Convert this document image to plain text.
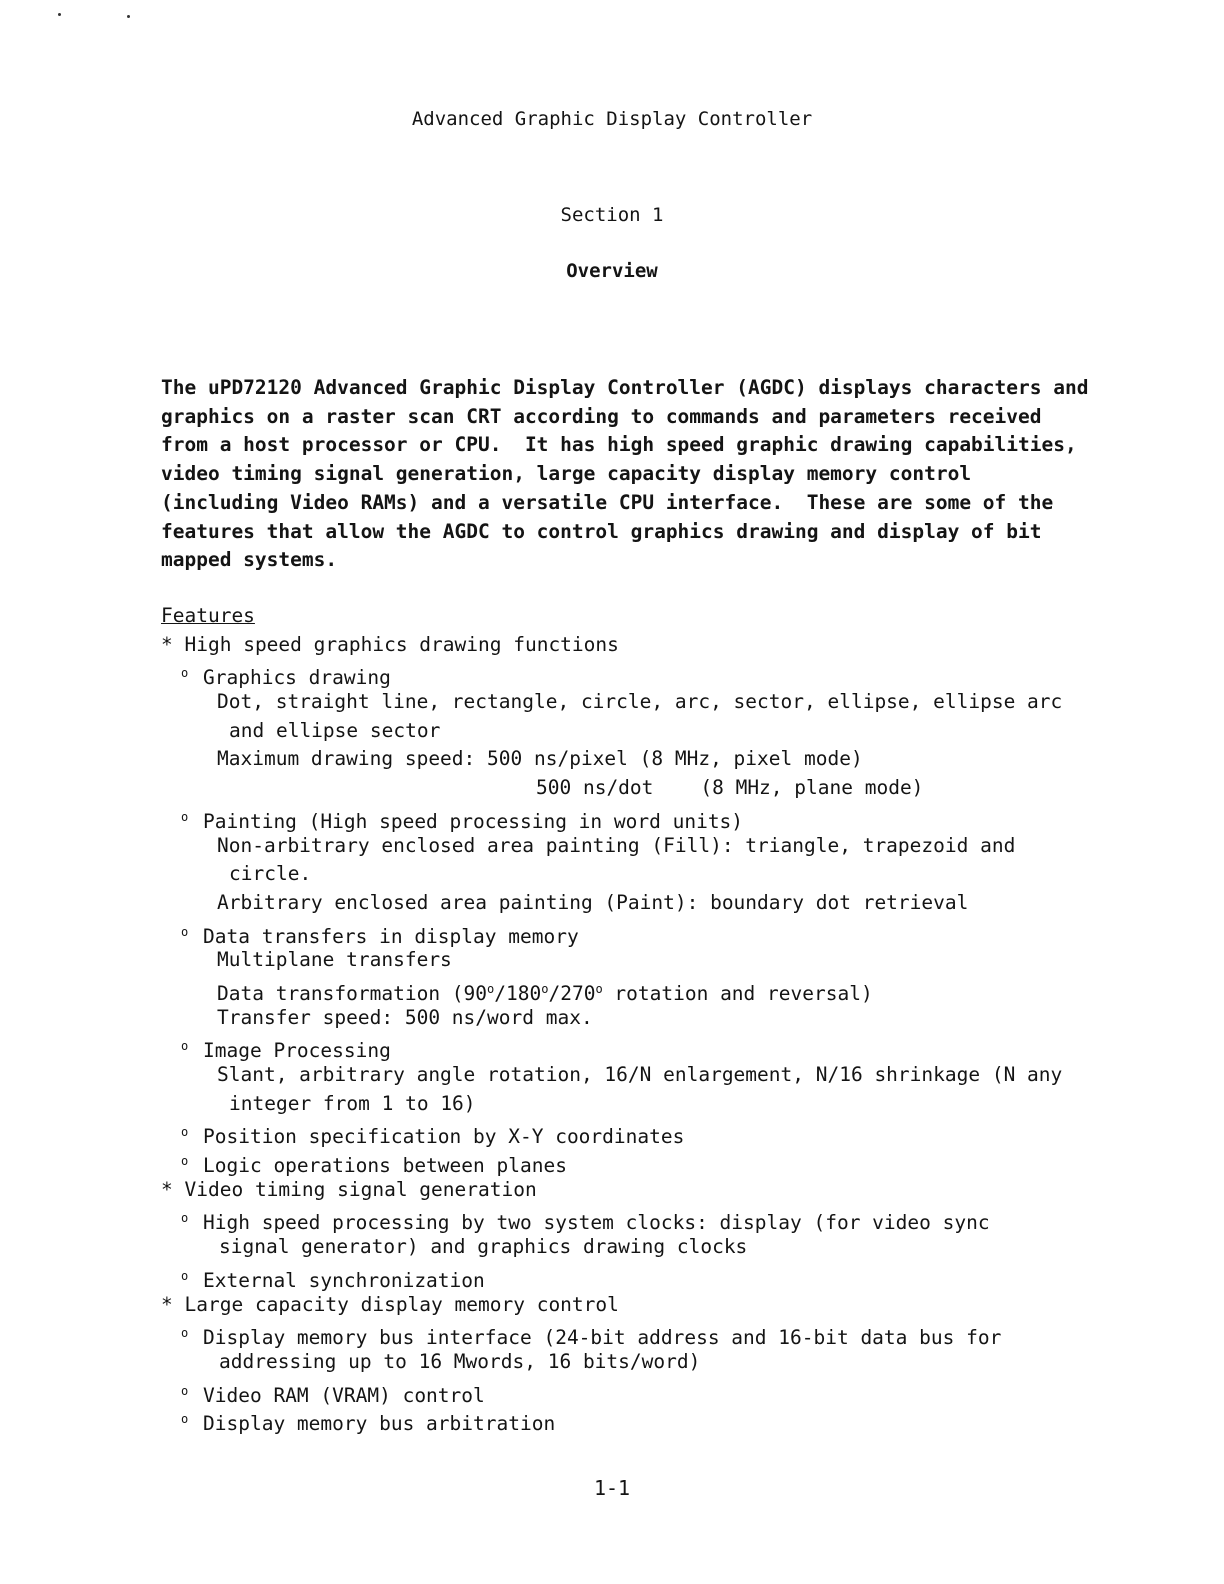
Advanced Graphic Display Controller
Section 1
Overview
The uPD72120 Advanced Graphic Display Controller (AGDC) displays characters and
graphics on a raster scan CRT according to commands and parameters received
from a host processor or CPU.  It has high speed graphic drawing capabilities,
video timing signal generation, large capacity display memory control
(including Video RAMs) and a versatile CPU interface.  These are some of the
features that allow the AGDC to control graphics drawing and display of bit
mapped systems.
Features
* High speed graphics drawing functions
o Graphics drawing
Dot, straight line, rectangle, circle, arc, sector, ellipse, ellipse arc
and ellipse sector
Maximum drawing speed: 500 ns/pixel (8 MHz, pixel mode)
500 ns/dot    (8 MHz, plane mode)
o Painting (High speed processing in word units)
Non-arbitrary enclosed area painting (Fill): triangle, trapezoid and
circle.
Arbitrary enclosed area painting (Paint): boundary dot retrieval
o Data transfers in display memory
Multiplane transfers
Data transformation (90$^o$/180$^o$/270$^o$ rotation and reversal)
Transfer speed: 500 ns/word max.
o Image Processing
Slant, arbitrary angle rotation, 16/N enlargement, N/16 shrinkage (N any
integer from 1 to 16)
o Position specification by X-Y coordinates
o Logic operations between planes
* Video timing signal generation
o High speed processing by two system clocks: display (for video sync
signal generator) and graphics drawing clocks
o External synchronization
* Large capacity display memory control
o Display memory bus interface (24-bit address and 16-bit data bus for
addressing up to 16 Mwords, 16 bits/word)
o Video RAM (VRAM) control
o Display memory bus arbitration
1-1
